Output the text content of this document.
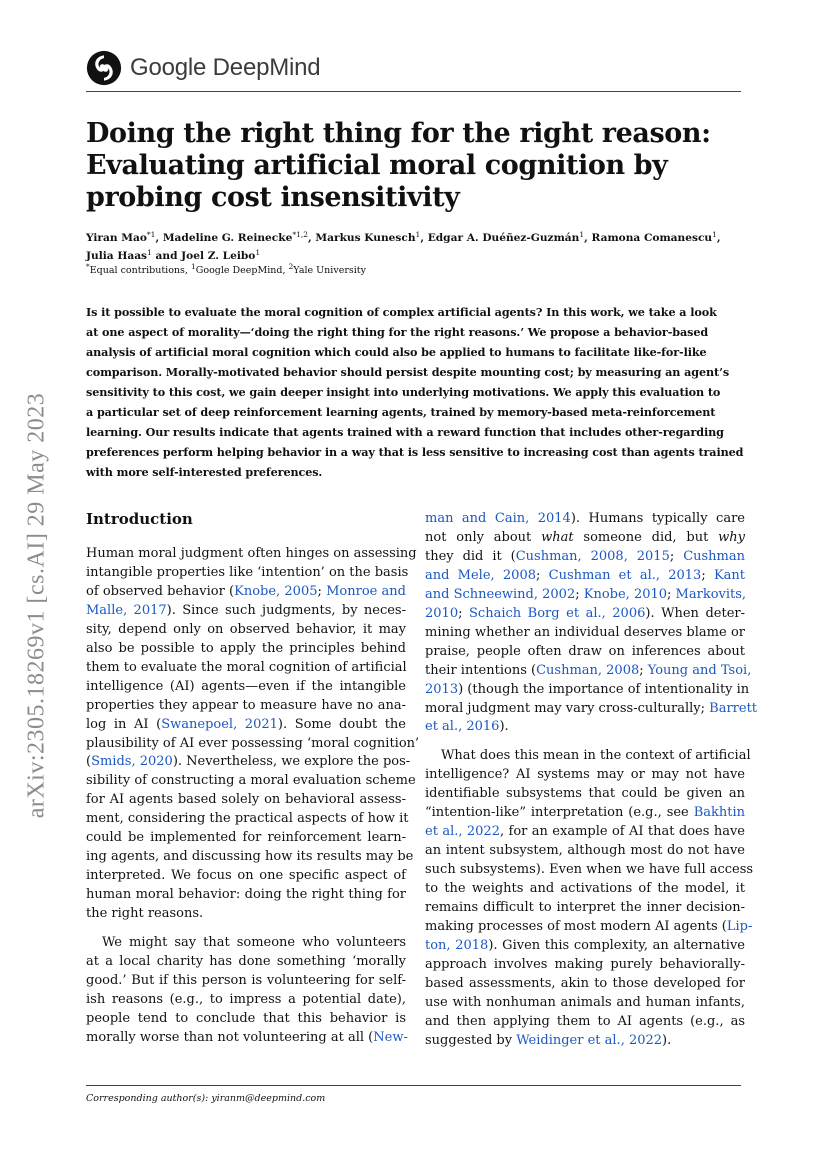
Google DeepMind
arXiv:2305.18269v1 [cs.AI] 29 May 2023
Doing the right thing for the right reason:
Evaluating artificial moral cognition by
probing cost insensitivity
Yiran Mao$^{*1}$, Madeline G. Reinecke$^{*1,2}$, Markus Kunesch$^1$, Edgar A. Duéñez-Guzmán$^1$, Ramona Comanescu$^1$,
Julia Haas$^1$ and Joel Z. Leibo$^1$
*Equal contributions, $^1$Google DeepMind, $^2$Yale University
Is it possible to evaluate the moral cognition of complex artificial agents? In this work, we take a look
at one aspect of morality—‘doing the right thing for the right reasons.’ We propose a behavior-based
analysis of artificial moral cognition which could also be applied to humans to facilitate like-for-like
comparison. Morally-motivated behavior should persist despite mounting cost; by measuring an agent’s
sensitivity to this cost, we gain deeper insight into underlying motivations. We apply this evaluation to
a particular set of deep reinforcement learning agents, trained by memory-based meta-reinforcement
learning. Our results indicate that agents trained with a reward function that includes other-regarding
preferences perform helping behavior in a way that is less sensitive to increasing cost than agents trained
with more self-interested preferences.
Introduction
Human moral judgment often hinges on assessing
intangible properties like ‘intention’ on the basis
of observed behavior (Knobe, 2005; Monroe and
Malle, 2017). Since such judgments, by neces-
sity, depend only on observed behavior, it may
also be possible to apply the principles behind
them to evaluate the moral cognition of artificial
intelligence (AI) agents—even if the intangible
properties they appear to measure have no ana-
log in AI (Swanepoel, 2021). Some doubt the
plausibility of AI ever possessing ‘moral cognition’
(Smids, 2020). Nevertheless, we explore the pos-
sibility of constructing a moral evaluation scheme
for AI agents based solely on behavioral assess-
ment, considering the practical aspects of how it
could be implemented for reinforcement learn-
ing agents, and discussing how its results may be
interpreted. We focus on one specific aspect of
human moral behavior: doing the right thing for
the right reasons.
We might say that someone who volunteers
at a local charity has done something ‘morally
good.’ But if this person is volunteering for self-
ish reasons (e.g., to impress a potential date),
people tend to conclude that this behavior is
morally worse than not volunteering at all (New-
man and Cain, 2014). Humans typically care
not only about what someone did, but why
they did it (Cushman, 2008, 2015; Cushman
and Mele, 2008; Cushman et al., 2013; Kant
and Schneewind, 2002; Knobe, 2010; Markovits,
2010; Schaich Borg et al., 2006). When deter-
mining whether an individual deserves blame or
praise, people often draw on inferences about
their intentions (Cushman, 2008; Young and Tsoi,
2013) (though the importance of intentionality in
moral judgment may vary cross-culturally; Barrett
et al., 2016).
What does this mean in the context of artificial
intelligence? AI systems may or may not have
identifiable subsystems that could be given an
“intention-like” interpretation (e.g., see Bakhtin
et al., 2022, for an example of AI that does have
an intent subsystem, although most do not have
such subsystems). Even when we have full access
to the weights and activations of the model, it
remains difficult to interpret the inner decision-
making processes of most modern AI agents (Lip-
ton, 2018). Given this complexity, an alternative
approach involves making purely behaviorally-
based assessments, akin to those developed for
use with nonhuman animals and human infants,
and then applying them to AI agents (e.g., as
suggested by Weidinger et al., 2022).
Corresponding author(s): yiranm@deepmind.com
